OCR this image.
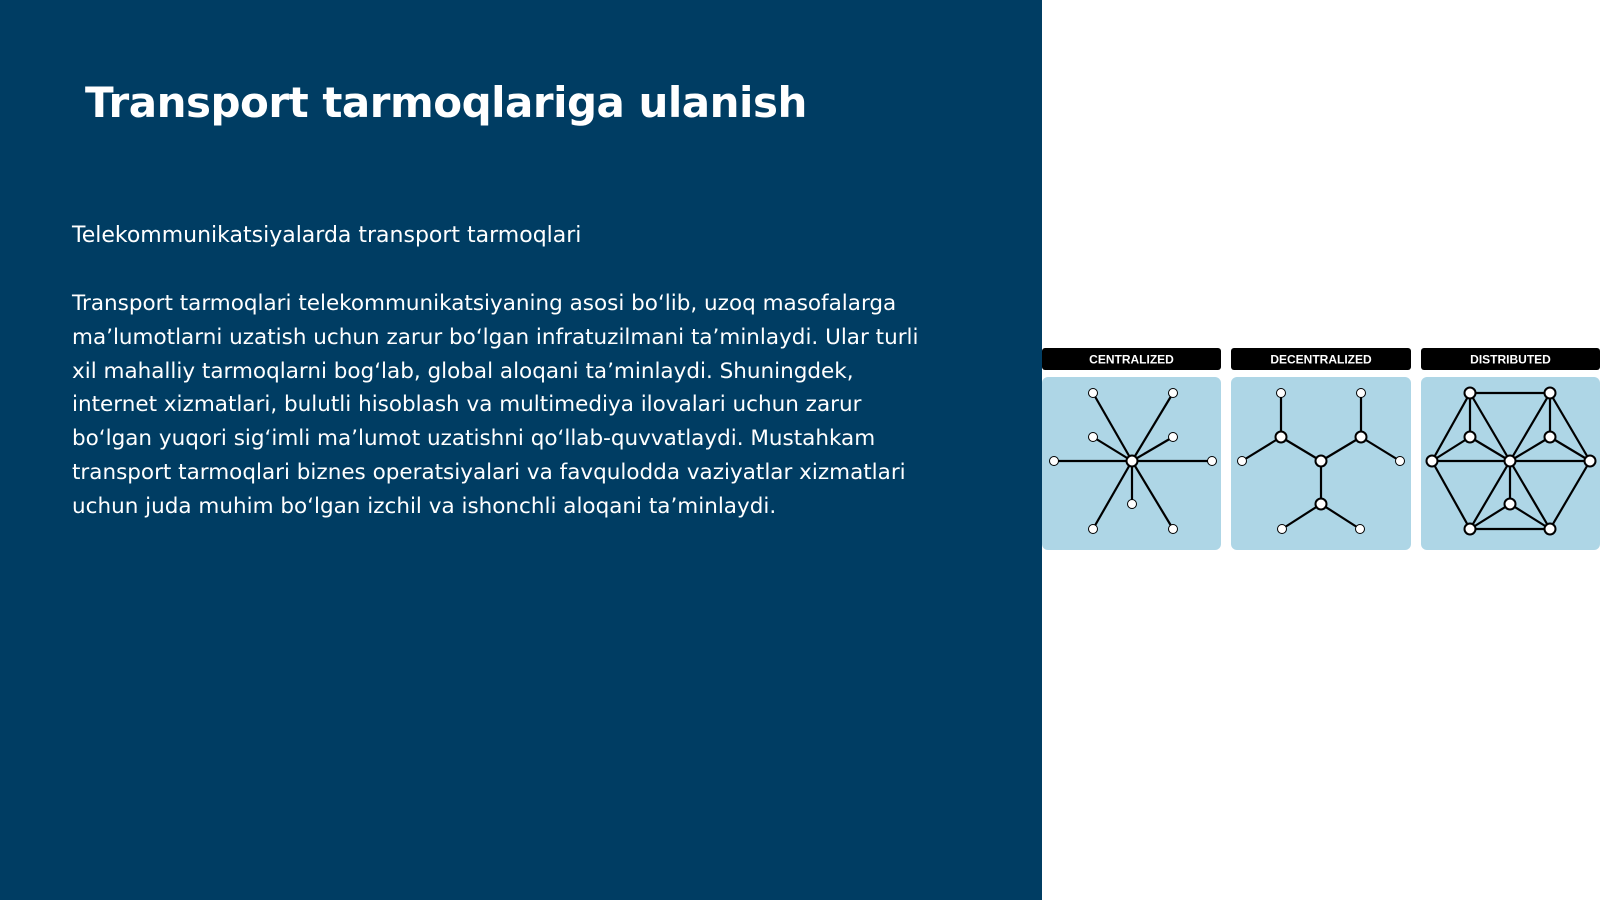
Transport tarmoqlariga ulanish

Telekommunikatsiyalarda transport tarmoqlari

Transport tarmoqlari telekommunikatsiyaning asosi bo‘lib, uzoq masofalarga ma’lumotlarni uzatish uchun zarur bo‘lgan infratuzilmani ta’minlaydi. Ular turli xil mahalliy tarmoqlarni bog‘lab, global aloqani ta’minlaydi. Shuningdek, internet xizmatlari, bulutli hisoblash va multimediya ilovalari uchun zarur bo‘lgan yuqori sig‘imli ma’lumot uzatishni qo‘llab-quvvatlaydi. Mustahkam transport tarmoqlari biznes operatsiyalari va favqulodda vaziyatlar xizmatlari uchun juda muhim bo‘lgan izchil va ishonchli aloqani ta’minlaydi.

CENTRALIZED	DECENTRALIZED	DISTRIBUTED
